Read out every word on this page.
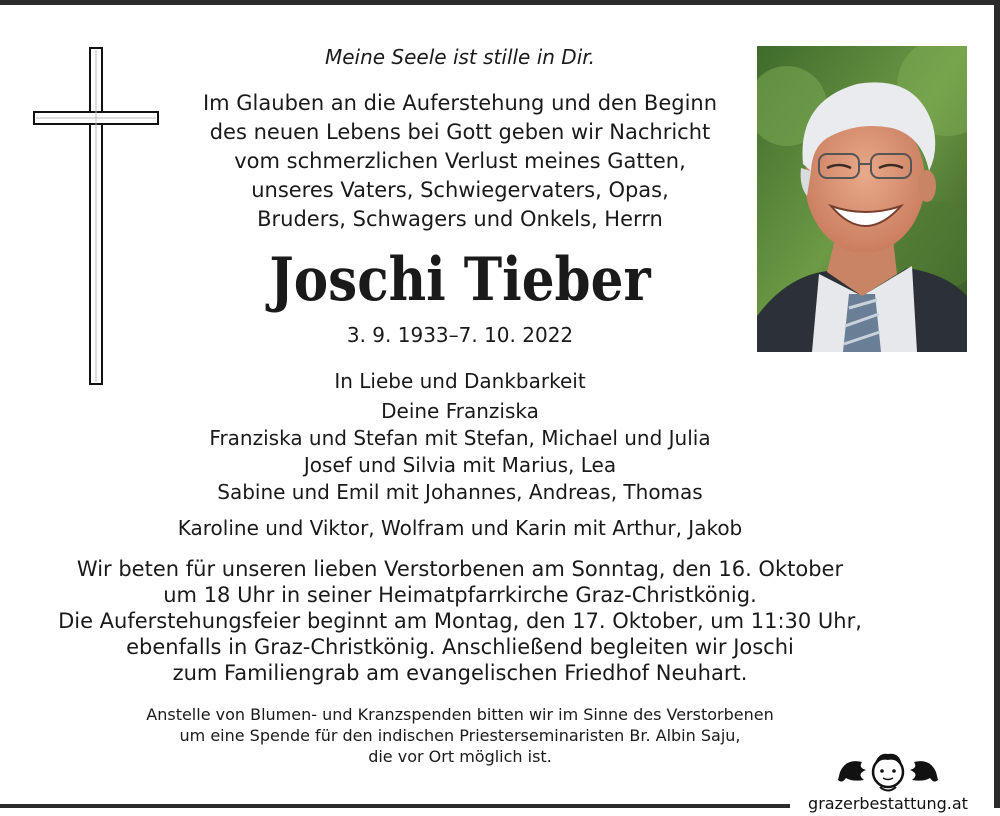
Meine Seele ist stille in Dir.
Im Glauben an die Auferstehung und den Beginn
des neuen Lebens bei Gott geben wir Nachricht
vom schmerzlichen Verlust meines Gatten,
unseres Vaters, Schwiegervaters, Opas,
Bruders, Schwagers und Onkels, Herrn
Joschi Tieber
3. 9. 1933–7. 10. 2022
In Liebe und Dankbarkeit
Deine Franziska
Franziska und Stefan mit Stefan, Michael und Julia
Josef und Silvia mit Marius, Lea
Sabine und Emil mit Johannes, Andreas, Thomas
Karoline und Viktor, Wolfram und Karin mit Arthur, Jakob
Wir beten für unseren lieben Verstorbenen am Sonntag, den 16. Oktober
um 18 Uhr in seiner Heimatpfarrkirche Graz-Christkönig.
Die Auferstehungsfeier beginnt am Montag, den 17. Oktober, um 11:30 Uhr,
ebenfalls in Graz-Christkönig. Anschließend begleiten wir Joschi
zum Familiengrab am evangelischen Friedhof Neuhart.
Anstelle von Blumen- und Kranzspenden bitten wir im Sinne des Verstorbenen
um eine Spende für den indischen Priesterseminaristen Br. Albin Saju,
die vor Ort möglich ist.
grazerbestattung.at
